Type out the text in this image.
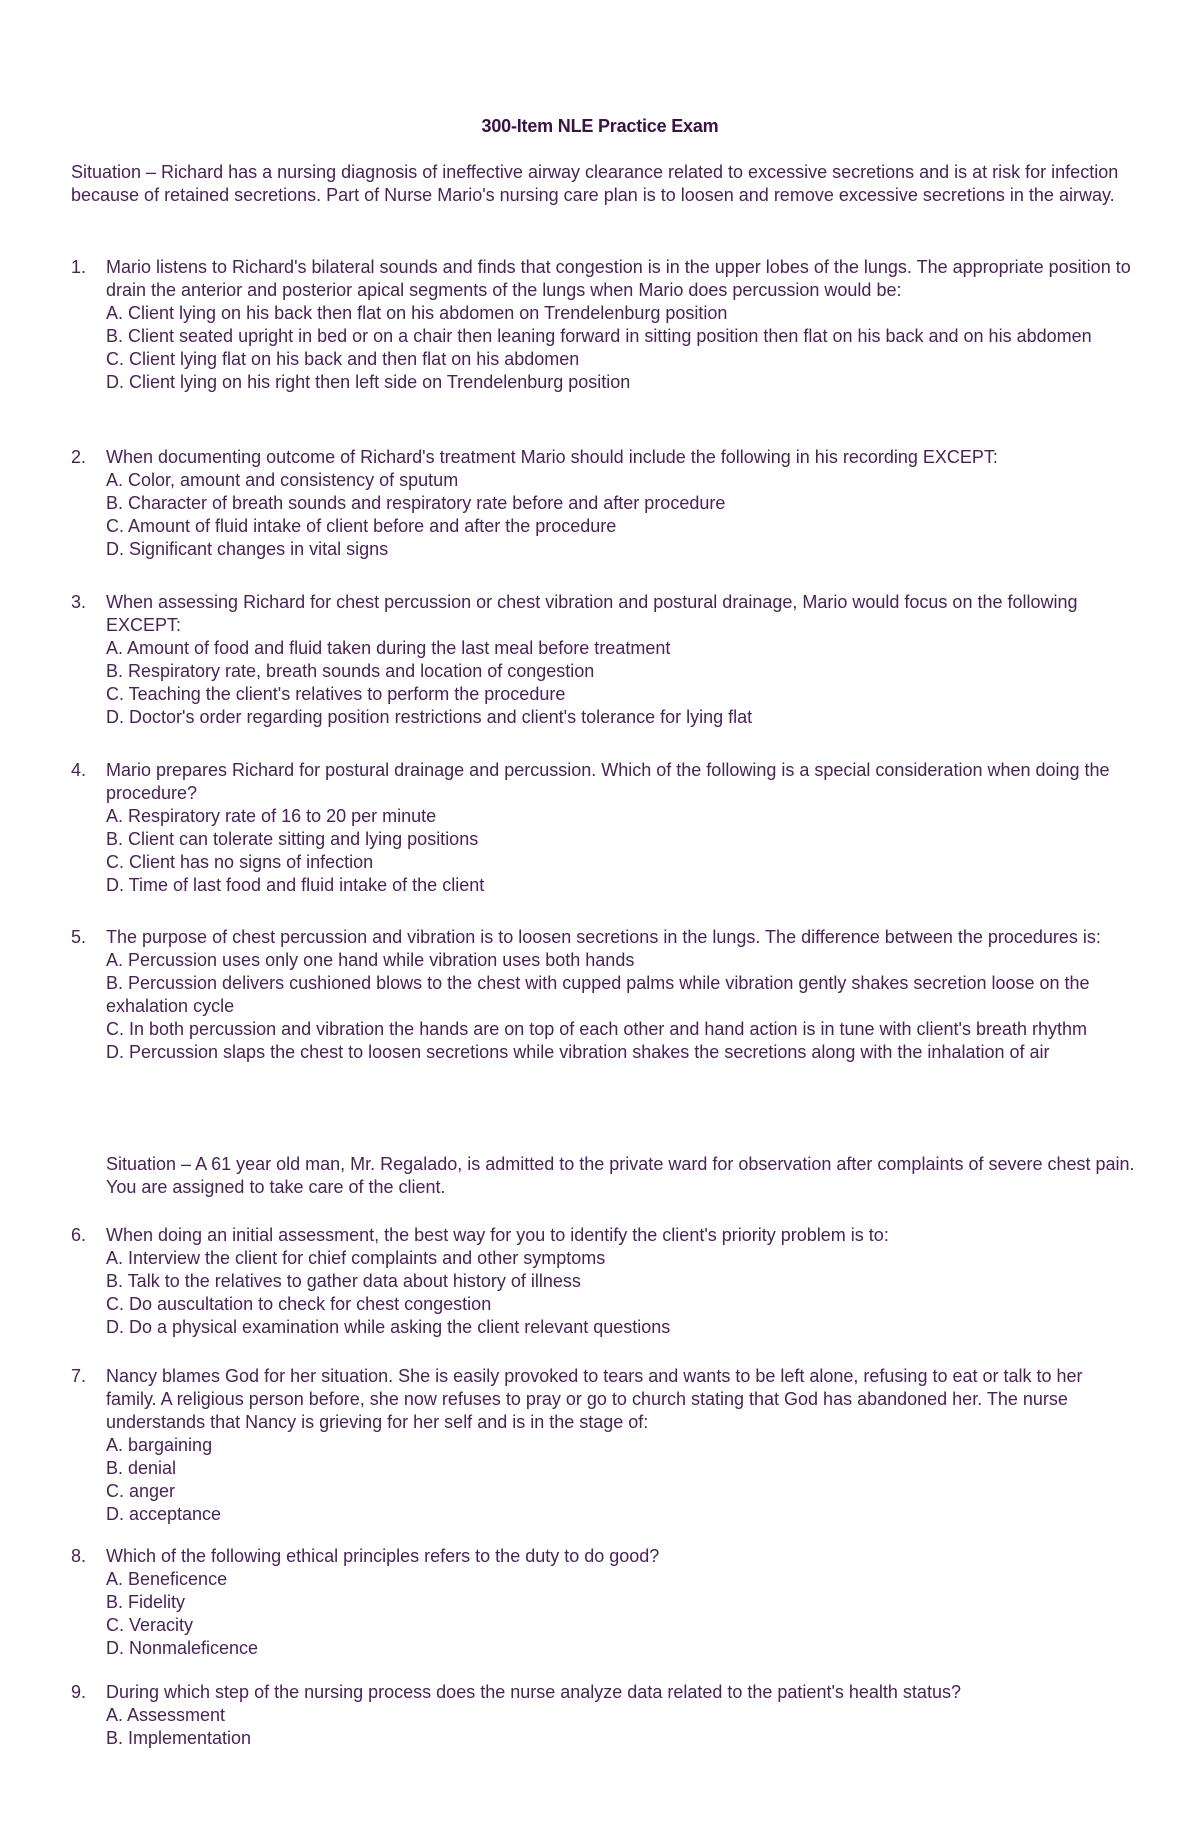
300-Item NLE Practice Exam
Situation – Richard has a nursing diagnosis of ineffective airway clearance related to excessive secretions and is at risk for infection because of retained secretions. Part of Nurse Mario's nursing care plan is to loosen and remove excessive secretions in the airway.
1.	Mario listens to Richard's bilateral sounds and finds that congestion is in the upper lobes of the lungs. The appropriate position to drain the anterior and posterior apical segments of the lungs when Mario does percussion would be:
A. Client lying on his back then flat on his abdomen on Trendelenburg position
B. Client seated upright in bed or on a chair then leaning forward in sitting position then flat on his back and on his abdomen
C. Client lying flat on his back and then flat on his abdomen
D. Client lying on his right then left side on Trendelenburg position
2.	When documenting outcome of Richard's treatment Mario should include the following in his recording EXCEPT:
A. Color, amount and consistency of sputum
B. Character of breath sounds and respiratory rate before and after procedure
C. Amount of fluid intake of client before and after the procedure
D. Significant changes in vital signs
3.	When assessing Richard for chest percussion or chest vibration and postural drainage, Mario would focus on the following EXCEPT:
A. Amount of food and fluid taken during the last meal before treatment
B. Respiratory rate, breath sounds and location of congestion
C. Teaching the client's relatives to perform the procedure
D. Doctor's order regarding position restrictions and client's tolerance for lying flat
4.	Mario prepares Richard for postural drainage and percussion. Which of the following is a special consideration when doing the procedure?
A. Respiratory rate of 16 to 20 per minute
B. Client can tolerate sitting and lying positions
C. Client has no signs of infection
D. Time of last food and fluid intake of the client
5.	The purpose of chest percussion and vibration is to loosen secretions in the lungs. The difference between the procedures is:
A. Percussion uses only one hand while vibration uses both hands
B. Percussion delivers cushioned blows to the chest with cupped palms while vibration gently shakes secretion loose on the exhalation cycle
C. In both percussion and vibration the hands are on top of each other and hand action is in tune with client's breath rhythm
D. Percussion slaps the chest to loosen secretions while vibration shakes the secretions along with the inhalation of air
Situation – A 61 year old man, Mr. Regalado, is admitted to the private ward for observation after complaints of severe chest pain. You are assigned to take care of the client.
6.	When doing an initial assessment, the best way for you to identify the client's priority problem is to:
A. Interview the client for chief complaints and other symptoms
B. Talk to the relatives to gather data about history of illness
C. Do auscultation to check for chest congestion
D. Do a physical examination while asking the client relevant questions
7.	Nancy blames God for her situation. She is easily provoked to tears and wants to be left alone, refusing to eat or talk to her family. A religious person before, she now refuses to pray or go to church stating that God has abandoned her. The nurse understands that Nancy is grieving for her self and is in the stage of:
A. bargaining
B. denial
C. anger
D. acceptance
8.	Which of the following ethical principles refers to the duty to do good?
A. Beneficence
B. Fidelity
C. Veracity
D. Nonmaleficence
9.	During which step of the nursing process does the nurse analyze data related to the patient's health status?
A. Assessment
B. Implementation
